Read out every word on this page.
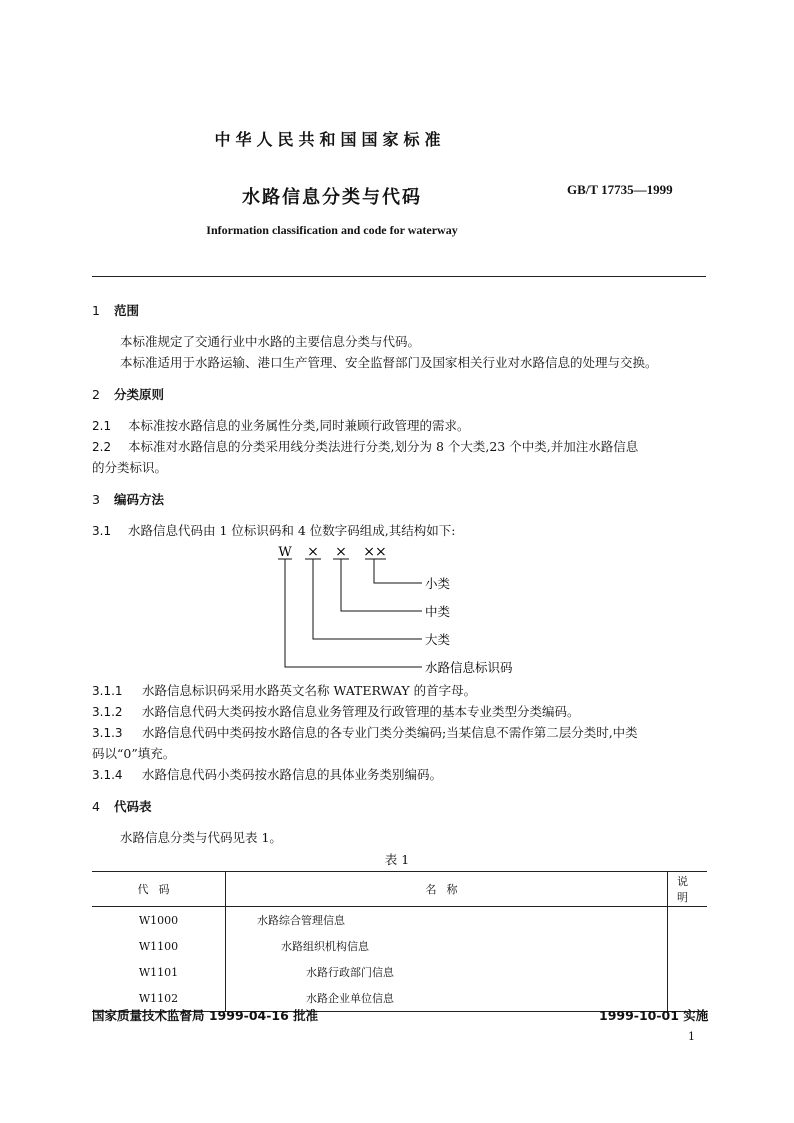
中华人民共和国国家标准
水路信息分类与代码	GB/T 17735—1999
Information classification and code for waterway
1 范围
本标准规定了交通行业中水路的主要信息分类与代码。
本标准适用于水路运输、港口生产管理、安全监督部门及国家相关行业对水路信息的处理与交换。
2 分类原则
2.1 本标准按水路信息的业务属性分类,同时兼顾行政管理的需求。
2.2 本标准对水路信息的分类采用线分类法进行分类,划分为 8 个大类,23 个中类,并加注水路信息
的分类标识。
3 编码方法
3.1 水路信息代码由 1 位标识码和 4 位数字码组成,其结构如下:
W × × ××
小类
中类
大类
水路信息标识码
3.1.1 水路信息标识码采用水路英文名称 WATERWAY 的首字母。
3.1.2 水路信息代码大类码按水路信息业务管理及行政管理的基本专业类型分类编码。
3.1.3 水路信息代码中类码按水路信息的各专业门类分类编码;当某信息不需作第二层分类时,中类
码以“0”填充。
3.1.4 水路信息代码小类码按水路信息的具体业务类别编码。
4 代码表
水路信息分类与代码见表 1。
表 1
代码	名称	说明
W1000	水路综合管理信息	
W1100	水路组织机构信息	
W1101	水路行政部门信息	
W1102	水路企业单位信息	
国家质量技术监督局 1999-04-16 批准	1999-10-01 实施
1
